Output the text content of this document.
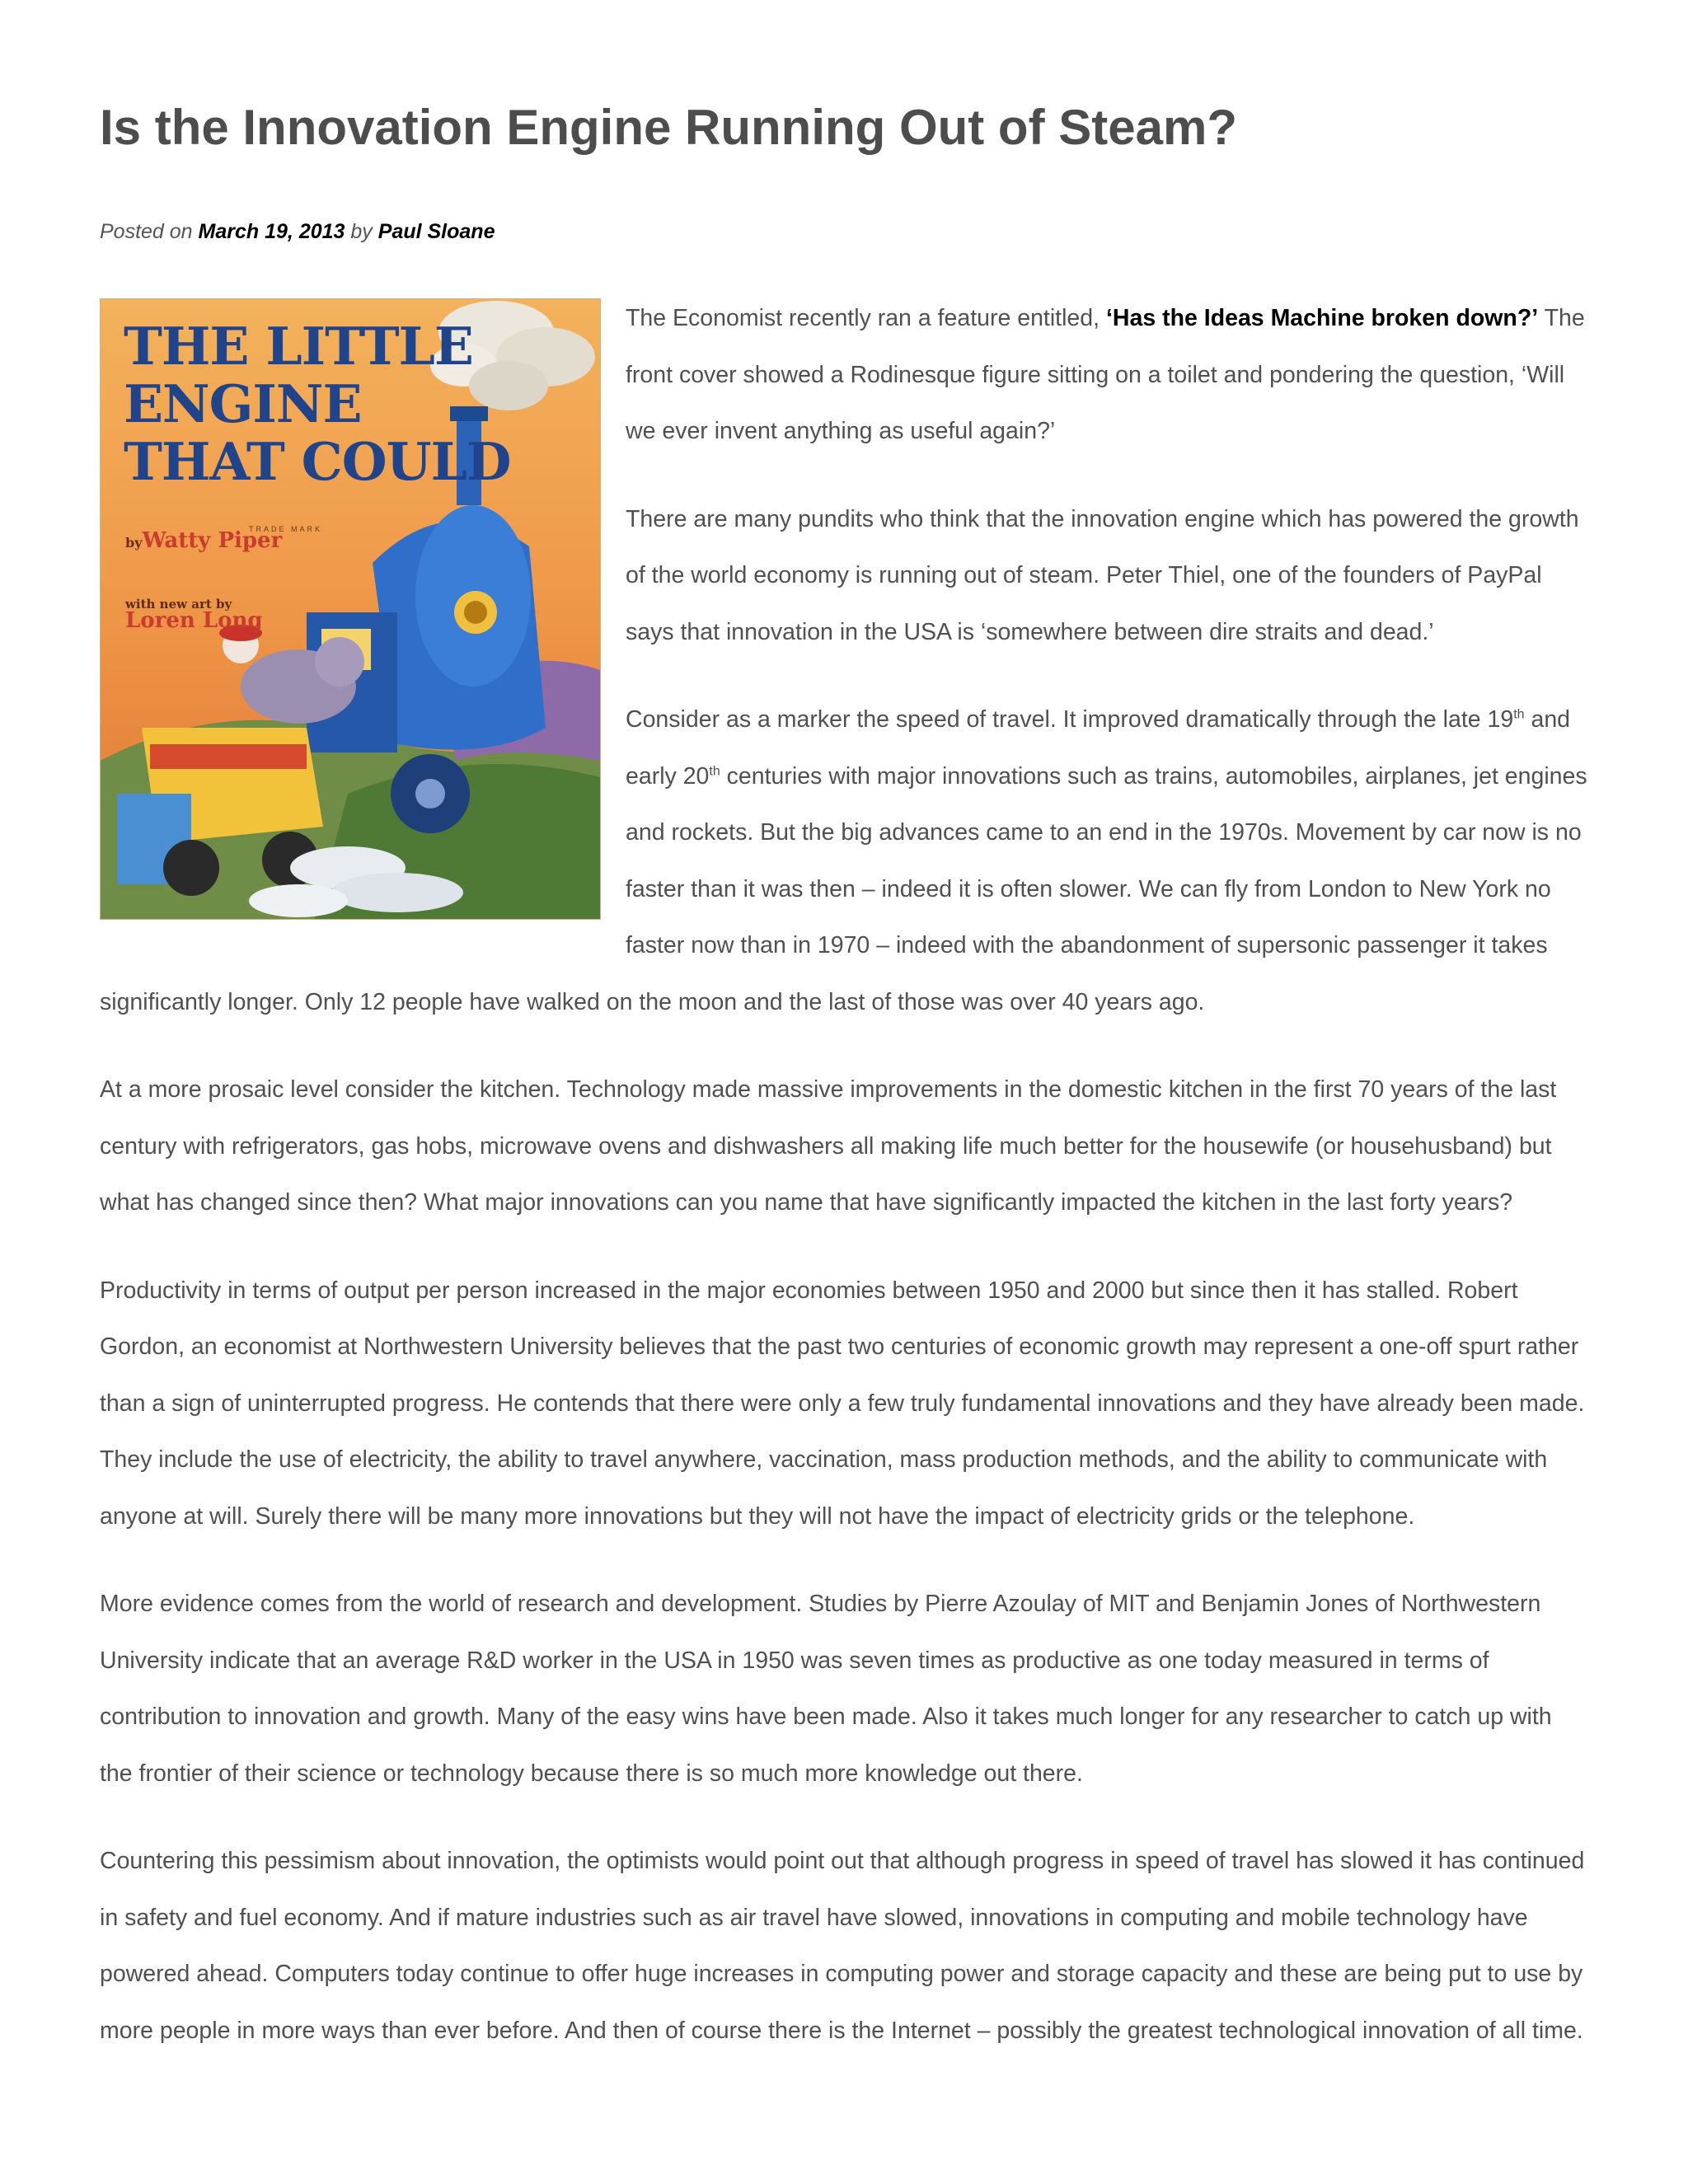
Is the Innovation Engine Running Out of Steam?
Posted on March 19, 2013 by Paul Sloane
THE LITTLE
ENGINE
THAT COULD
TRADE MARK
byWatty Piper
with new art by
Loren Long

The Economist recently ran a feature entitled, ‘Has the Ideas Machine broken down?’ The front cover showed a Rodinesque figure sitting on a toilet and pondering the question, ‘Will we ever invent anything as useful again?’

There are many pundits who think that the innovation engine which has powered the growth of the world economy is running out of steam. Peter Thiel, one of the founders of PayPal says that innovation in the USA is ‘somewhere between dire straits and dead.’

Consider as a marker the speed of travel. It improved dramatically through the late 19th and early 20th centuries with major innovations such as trains, automobiles, airplanes, jet engines and rockets. But the big advances came to an end in the 1970s. Movement by car now is no faster than it was then – indeed it is often slower. We can fly from London to New York no faster now than in 1970 – indeed with the abandonment of supersonic passenger it takes significantly longer. Only 12 people have walked on the moon and the last of those was over 40 years ago.

At a more prosaic level consider the kitchen. Technology made massive improvements in the domestic kitchen in the first 70 years of the last century with refrigerators, gas hobs, microwave ovens and dishwashers all making life much better for the housewife (or househusband) but what has changed since then? What major innovations can you name that have significantly impacted the kitchen in the last forty years?

Productivity in terms of output per person increased in the major economies between 1950 and 2000 but since then it has stalled. Robert Gordon, an economist at Northwestern University believes that the past two centuries of economic growth may represent a one-off spurt rather than a sign of uninterrupted progress. He contends that there were only a few truly fundamental innovations and they have already been made. They include the use of electricity, the ability to travel anywhere, vaccination, mass production methods, and the ability to communicate with anyone at will. Surely there will be many more innovations but they will not have the impact of electricity grids or the telephone.

More evidence comes from the world of research and development. Studies by Pierre Azoulay of MIT and Benjamin Jones of Northwestern University indicate that an average R&D worker in the USA in 1950 was seven times as productive as one today measured in terms of contribution to innovation and growth. Many of the easy wins have been made. Also it takes much longer for any researcher to catch up with the frontier of their science or technology because there is so much more knowledge out there.

Countering this pessimism about innovation, the optimists would point out that although progress in speed of travel has slowed it has continued in safety and fuel economy. And if mature industries such as air travel have slowed, innovations in computing and mobile technology have powered ahead. Computers today continue to offer huge increases in computing power and storage capacity and these are being put to use by more people in more ways than ever before. And then of course there is the Internet – possibly the greatest technological innovation of all time.
